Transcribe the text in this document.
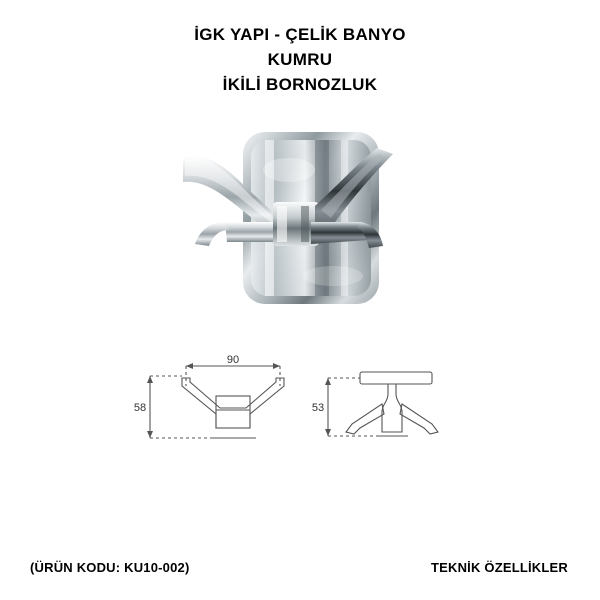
İGK YAPI - ÇELİK BANYO
KUMRU
İKİLİ BORNOZLUK
90
58	53
(ÜRÜN KODU: KU10-002)	TEKNİK ÖZELLİKLER
